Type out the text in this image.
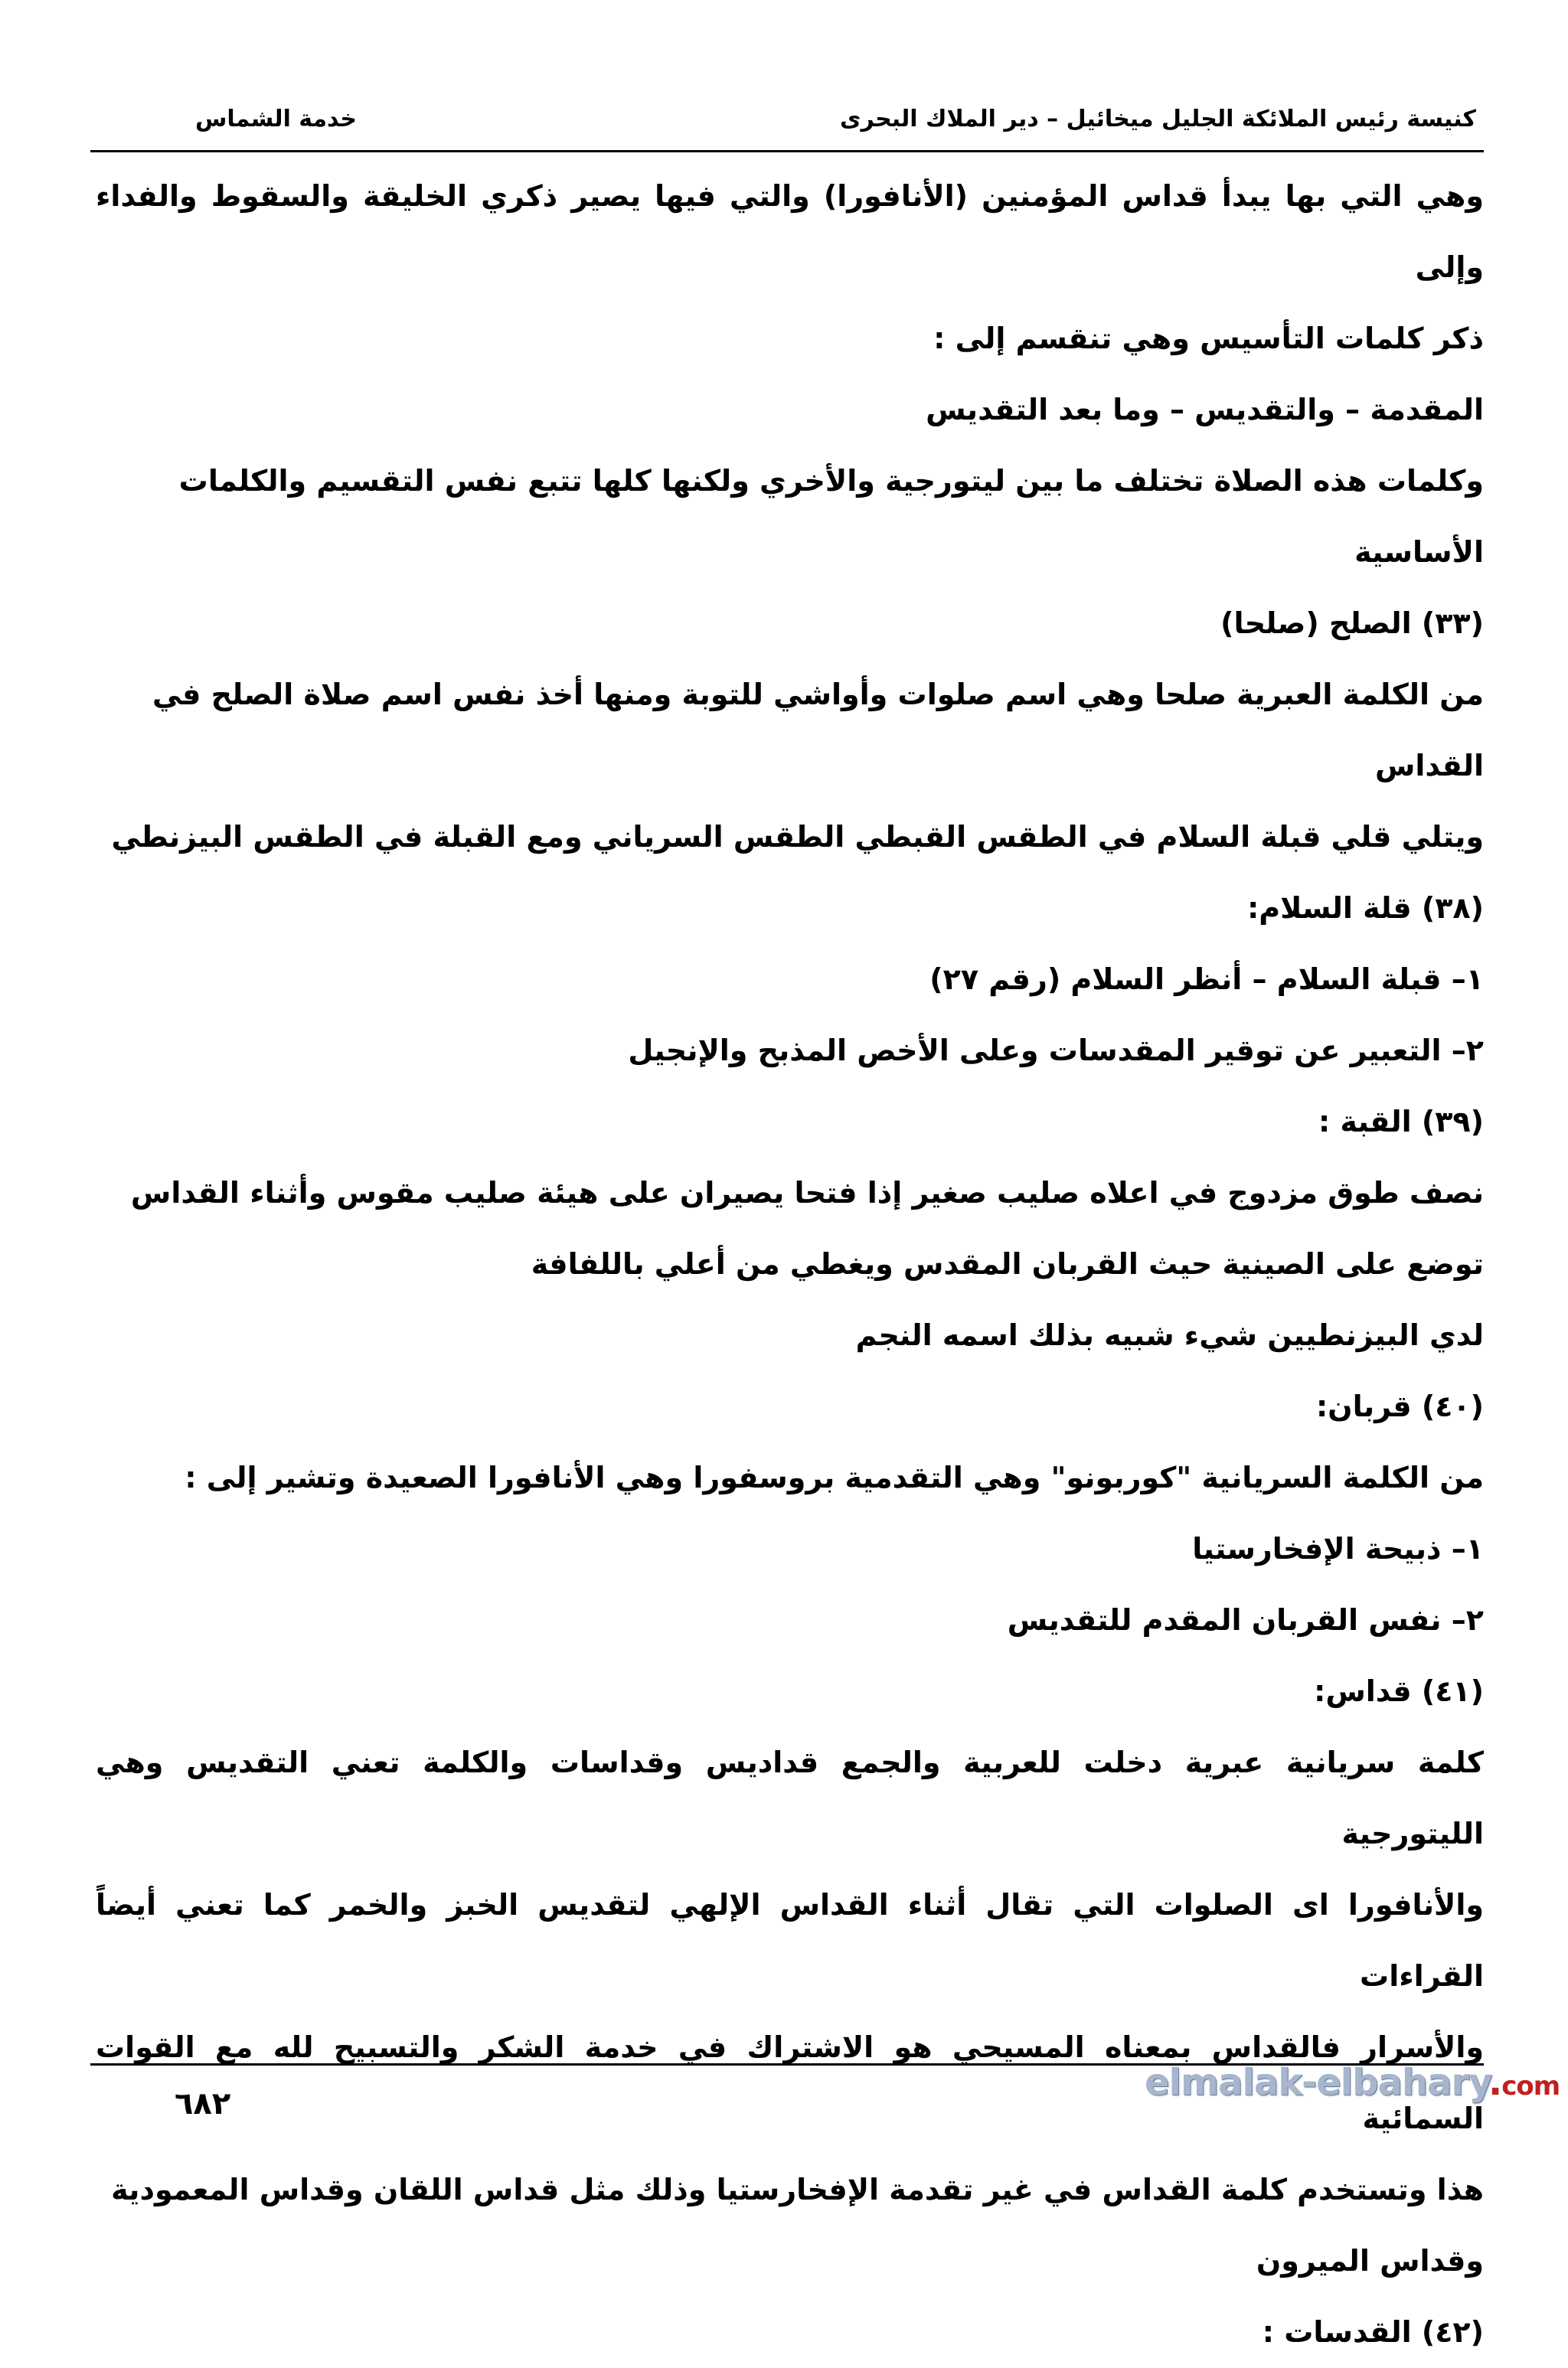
كنيسة رئيس الملائكة الجليل ميخائيل – دير الملاك البحرى
خدمة الشماس

وهي التي بها يبدأ قداس المؤمنين (الأنافورا) والتي فيها يصير ذكري الخليقة والسقوط والفداء وإلى

ذكر كلمات التأسيس وهي تنقسم إلى :

المقدمة – والتقديس – وما بعد التقديس

وكلمات هذه الصلاة تختلف ما بين ليتورجية والأخري ولكنها كلها تتبع نفس التقسيم والكلمات

الأساسية

(٣٣) الصلح (صلحا)

من الكلمة العبرية صلحا وهي اسم صلوات وأواشي للتوبة ومنها أخذ نفس اسم صلاة الصلح في

القداس

ويتلي قلي قبلة السلام في الطقس القبطي الطقس السرياني ومع القبلة في الطقس البيزنطي

(٣٨) قلة السلام:

١– قبلة السلام – أنظر السلام (رقم ٢٧)

٢– التعبير عن توقير المقدسات وعلى الأخص المذبح والإنجيل

(٣٩) القبة :

نصف طوق مزدوج في اعلاه صليب صغير إذا فتحا يصيران على هيئة صليب مقوس وأثناء القداس

توضع على الصينية حيث القربان المقدس ويغطي من أعلي باللفافة

لدي البيزنطيين شيء شبيه بذلك اسمه النجم

(٤٠) قربان:

من الكلمة السريانية "كوربونو" وهي التقدمية بروسفورا وهي الأنافورا الصعيدة وتشير إلى :

١– ذبيحة الإفخارستيا

٢– نفس القربان المقدم للتقديس

(٤١) قداس:

كلمة سريانية عبرية دخلت للعربية والجمع قداديس وقداسات والكلمة تعني التقديس وهي الليتورجية

والأنافورا اى الصلوات التي تقال أثناء القداس الإلهي لتقديس الخبز والخمر كما تعني أيضاً القراءات

والأسرار فالقداس بمعناه المسيحي هو الاشتراك في خدمة الشكر والتسبيح لله مع القوات السمائية

هذا وتستخدم كلمة القداس في غير تقدمة الإفخارستيا وذلك مثل قداس اللقان وقداس المعمودية

وقداس الميرون

(٤٢) القدسات :

٦٨٢	elmalak-elbahary.com
